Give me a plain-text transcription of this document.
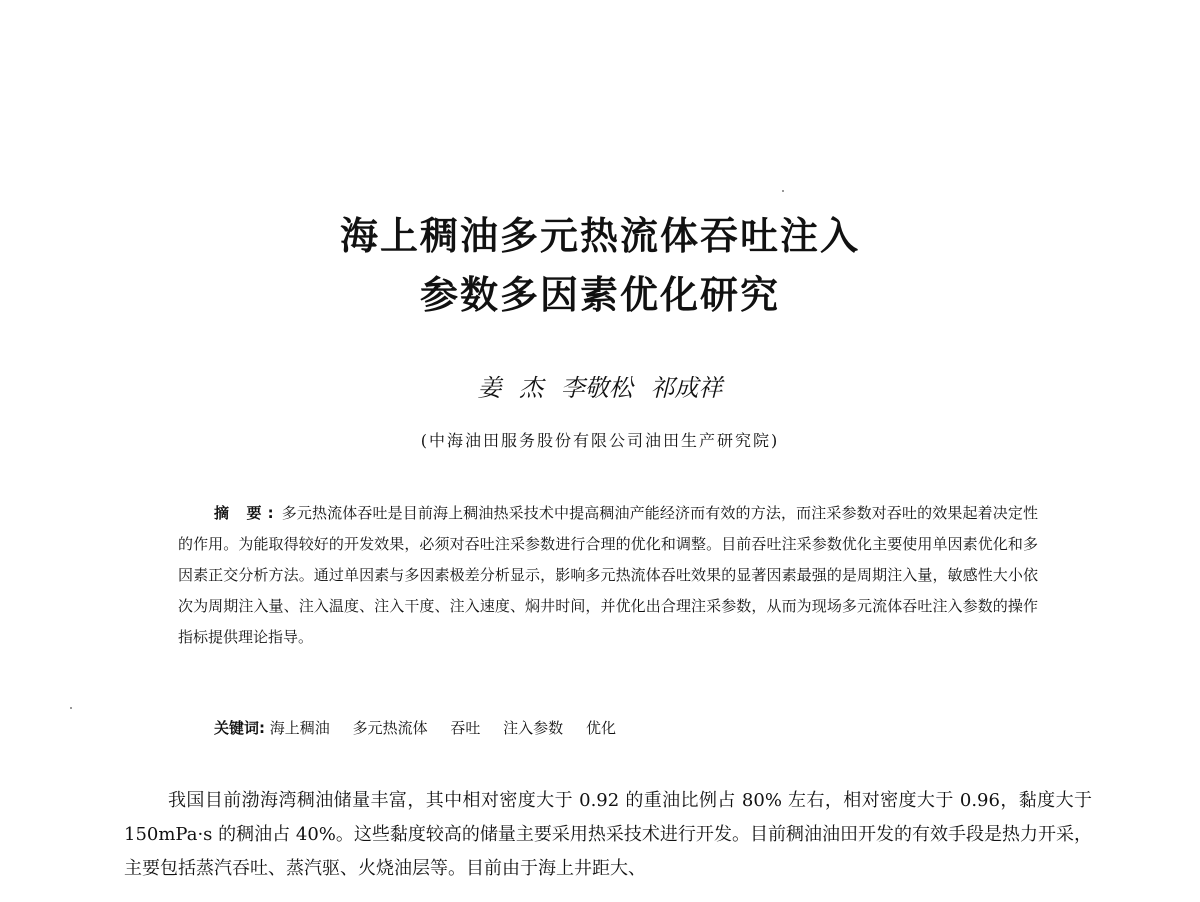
海上稠油多元热流体吞吐注入
参数多因素优化研究
姜 杰 李敬松 祁成祥
(中海油田服务股份有限公司油田生产研究院)

摘 要: 多元热流体吞吐是目前海上稠油热采技术中提高稠油产能经济而有效的方法，而注采参数对吞吐的效果起着决定性的作用。为能取得较好的开发效果，必须对吞吐注采参数进行合理的优化和调整。目前吞吐注采参数优化主要使用单因素优化和多因素正交分析方法。通过单因素与多因素极差分析显示，影响多元热流体吞吐效果的显著因素最强的是周期注入量，敏感性大小依次为周期注入量、注入温度、注入干度、注入速度、焖井时间，并优化出合理注采参数，从而为现场多元流体吞吐注入参数的操作指标提供理论指导。

关键词: 海上稠油 多元热流体 吞吐 注入参数 优化

我国目前渤海湾稠油储量丰富，其中相对密度大于 0.92 的重油比例占 80% 左右，相对密度大于 0.96，黏度大于 150mPa·s 的稠油占 40%。这些黏度较高的储量主要采用热采技术进行开发。目前稠油油田开发的有效手段是热力开采，主要包括蒸汽吞吐、蒸汽驱、火烧油层等。目前由于海上井距大、
